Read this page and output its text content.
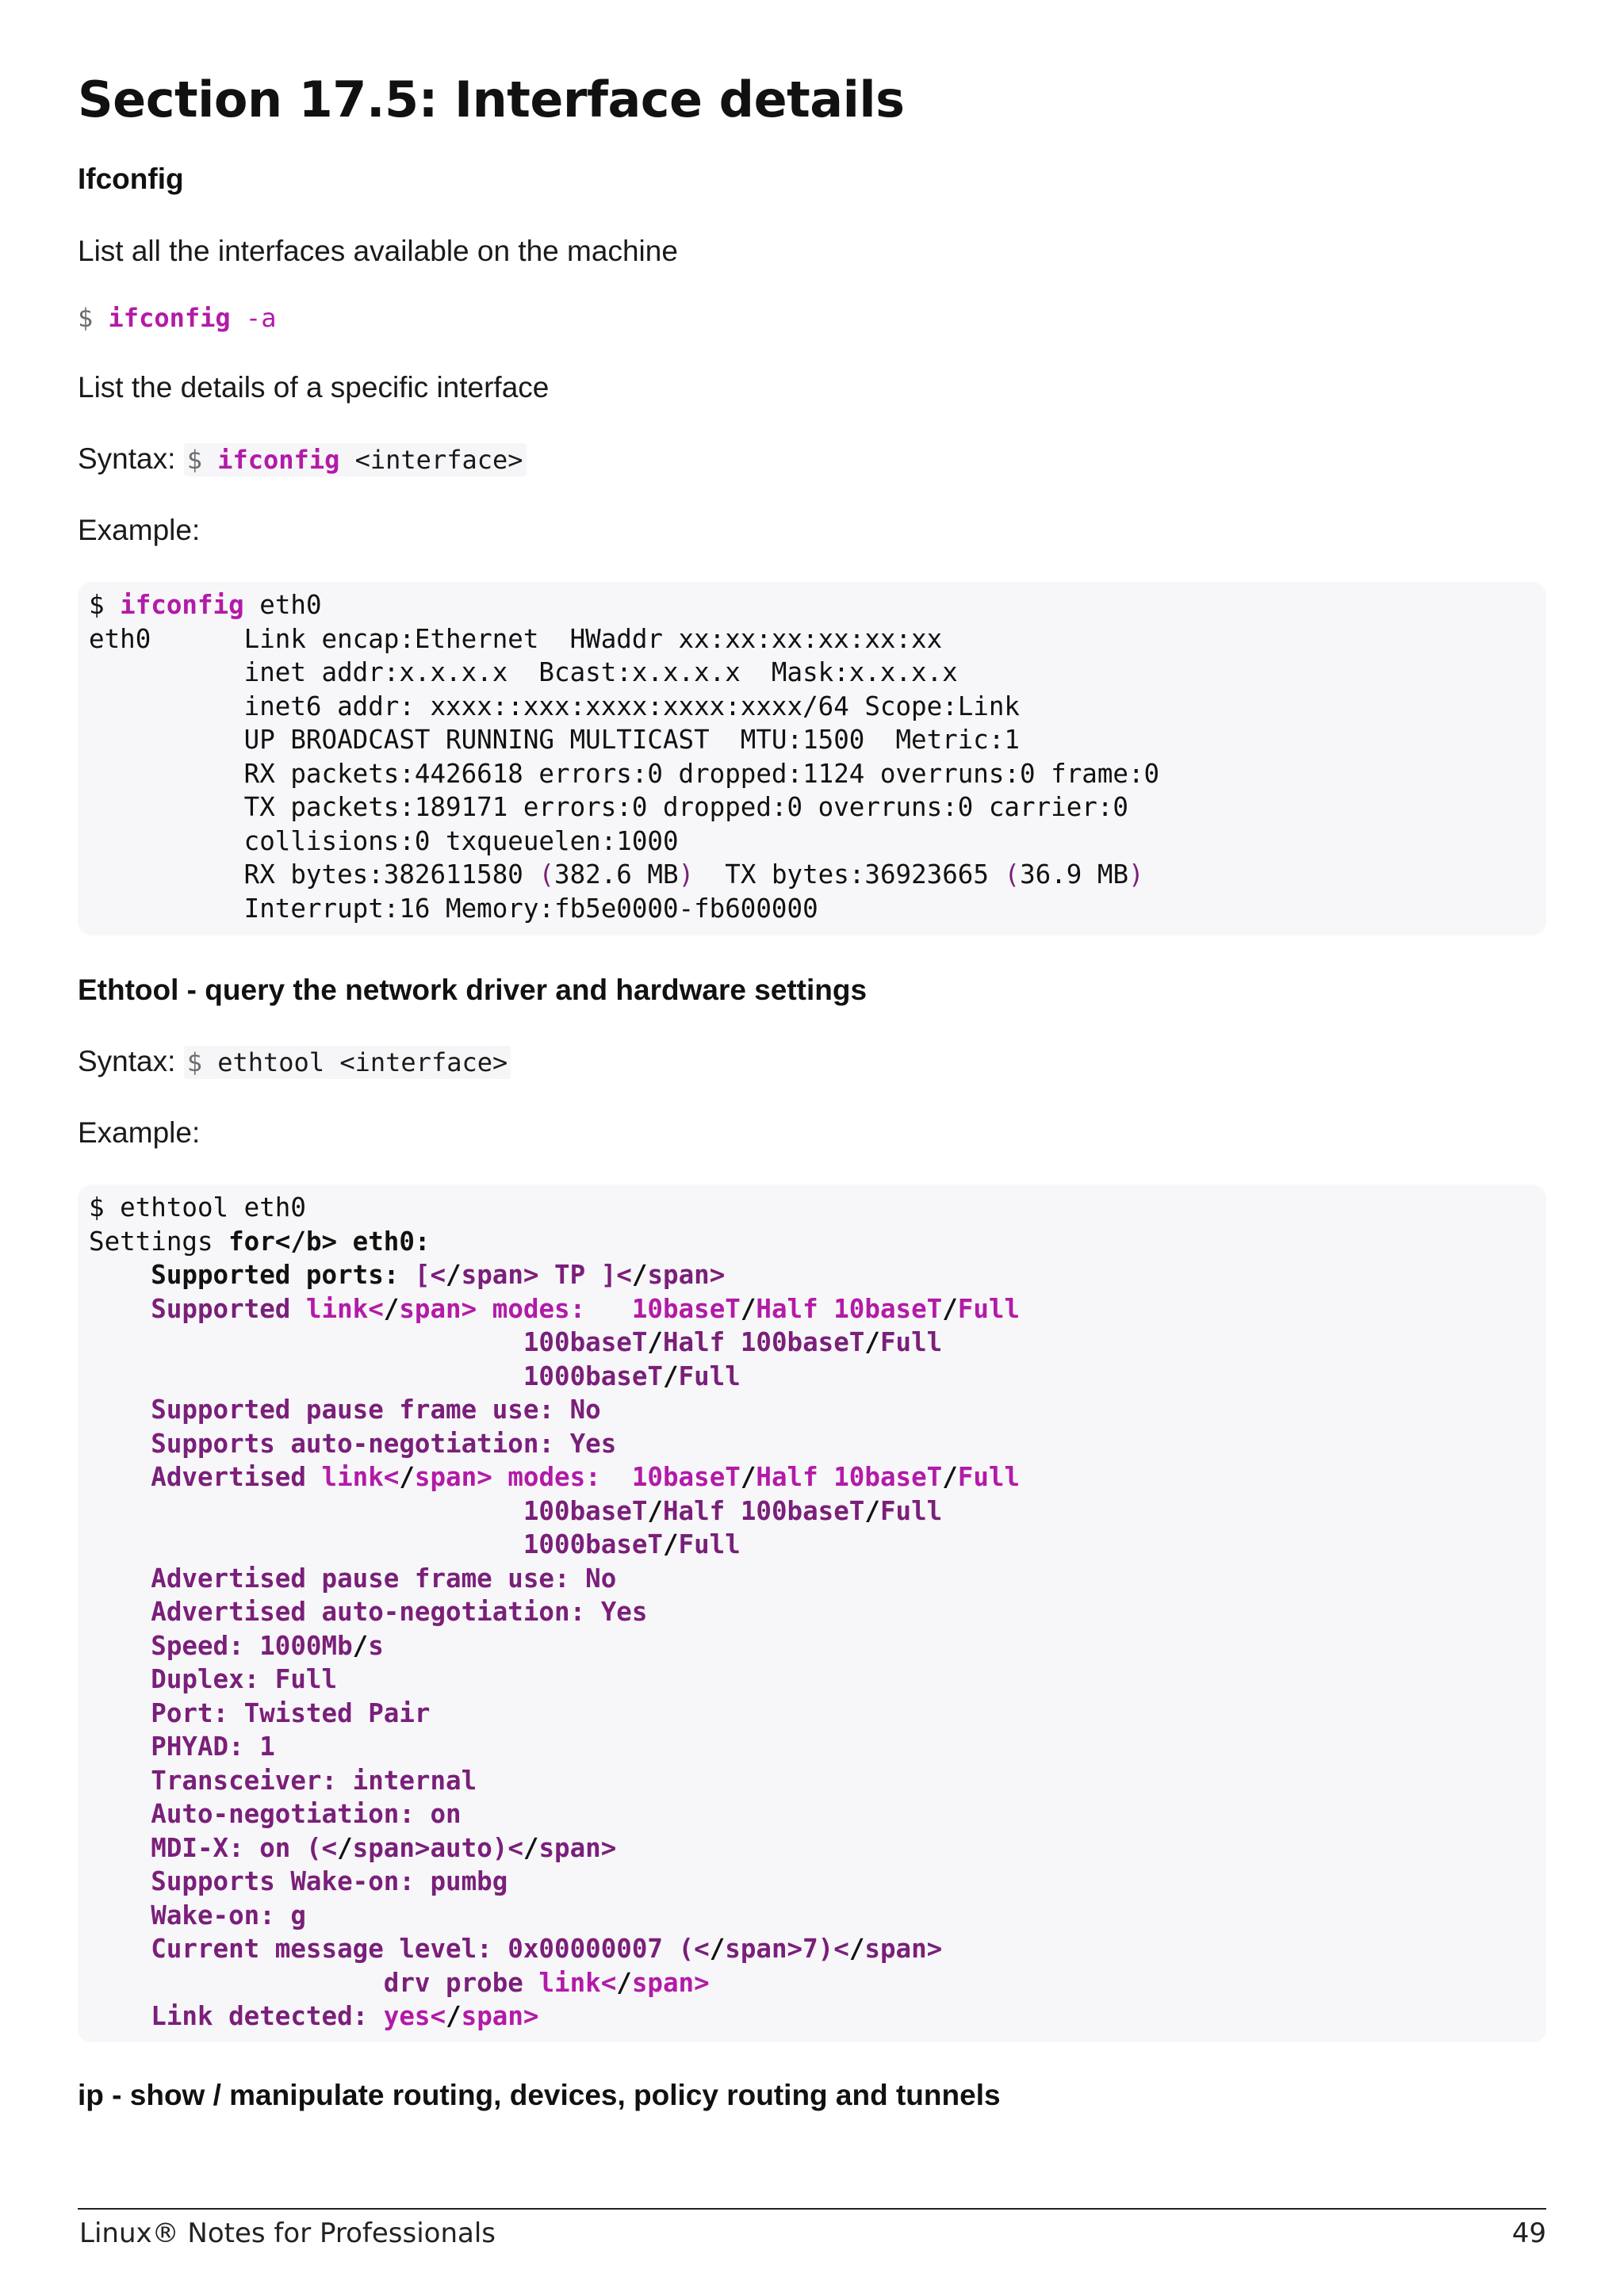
Section 17.5: Interface details
Ifconfig
List all the interfaces available on the machine
$ ifconfig -a
List the details of a specific interface
Syntax: $ ifconfig <interface>
Example:
$ ifconfig eth0
eth0      Link encap:Ethernet  HWaddr xx:xx:xx:xx:xx:xx
inet addr:x.x.x.x  Bcast:x.x.x.x  Mask:x.x.x.x
inet6 addr: xxxx::xxx:xxxx:xxxx:xxxx/64 Scope:Link
UP BROADCAST RUNNING MULTICAST  MTU:1500  Metric:1
RX packets:4426618 errors:0 dropped:1124 overruns:0 frame:0
TX packets:189171 errors:0 dropped:0 overruns:0 carrier:0
collisions:0 txqueuelen:1000
RX bytes:382611580 (382.6 MB)  TX bytes:36923665 (36.9 MB)
Interrupt:16 Memory:fb5e0000-fb600000
Ethtool - query the network driver and hardware settings
Syntax: $ ethtool <interface>
Example:
$ ethtool eth0
Settings for</b> eth0:
Supported ports: [</span> TP ]</span>
Supported link</span> modes:   10baseT/Half 10baseT/Full
100baseT/Half 100baseT/Full
1000baseT/Full
Supported pause frame use: No
Supports auto-negotiation: Yes
Advertised link</span> modes:  10baseT/Half 10baseT/Full
100baseT/Half 100baseT/Full
1000baseT/Full
Advertised pause frame use: No
Advertised auto-negotiation: Yes
Speed: 1000Mb/s
Duplex: Full
Port: Twisted Pair
PHYAD: 1
Transceiver: internal
Auto-negotiation: on
MDI-X: on (</span>auto)</span>
Supports Wake-on: pumbg
Wake-on: g
Current message level: 0x00000007 (</span>7)</span>
drv probe link</span>
Link detected: yes</span>
ip - show / manipulate routing, devices, policy routing and tunnels
Linux® Notes for Professionals	49
